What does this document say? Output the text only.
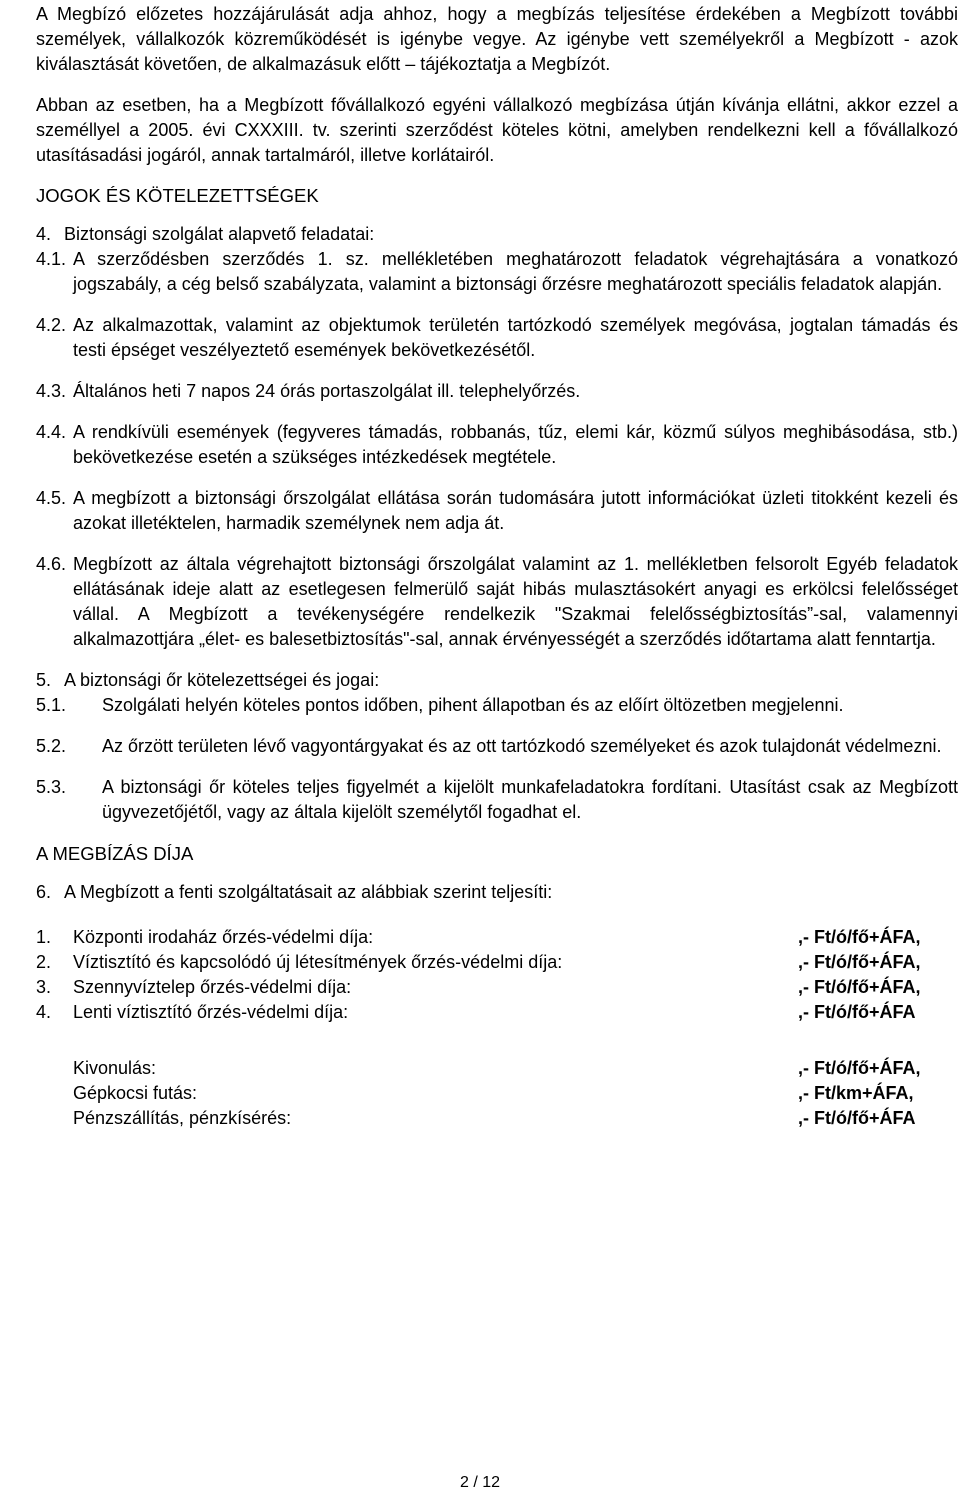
A Megbízó előzetes hozzájárulását adja ahhoz, hogy a megbízás teljesítése érdekében a Megbízott további személyek, vállalkozók közreműködését is igénybe vegye. Az igénybe vett személyekről a Megbízott - azok kiválasztását követően, de alkalmazásuk előtt – tájékoztatja a Megbízót.

Abban az esetben, ha a Megbízott fővállalkozó egyéni vállalkozó megbízása útján kívánja ellátni, akkor ezzel a személlyel a 2005. évi CXXXIII. tv. szerinti szerződést köteles kötni, amelyben rendelkezni kell a fővállalkozó utasításadási jogáról, annak tartalmáról, illetve korlátairól.

JOGOK ÉS KÖTELEZETTSÉGEK
4. Biztonsági szolgálat alapvető feladatai:
4.1. A szerződésben szerződés 1. sz. mellékletében meghatározott feladatok végrehajtására a vonatkozó jogszabály, a cég belső szabályzata, valamint a biztonsági őrzésre meghatározott speciális feladatok alapján.
4.2. Az alkalmazottak, valamint az objektumok területén tartózkodó személyek megóvása, jogtalan támadás és testi épséget veszélyeztető események bekövetkezésétől.
4.3. Általános heti 7 napos 24 órás portaszolgálat ill. telephelyőrzés.
4.4. A rendkívüli események (fegyveres támadás, robbanás, tűz, elemi kár, közmű súlyos meghibásodása, stb.) bekövetkezése esetén a szükséges intézkedések megtétele.
4.5. A megbízott a biztonsági őrszolgálat ellátása során tudomására jutott információkat üzleti titokként kezeli és azokat illetéktelen, harmadik személynek nem adja át.
4.6. Megbízott az általa végrehajtott biztonsági őrszolgálat valamint az 1. mellékletben felsorolt Egyéb feladatok ellátásának ideje alatt az esetlegesen felmerülő saját hibás mulasztásokért anyagi es erkölcsi felelősséget vállal. A Megbízott a tevékenységére rendelkezik "Szakmai felelősségbiztosítás”-sal, valamennyi alkalmazottjára „élet- es balesetbiztosítás"-sal, annak érvényességét a szerződés időtartama alatt fenntartja.
5. A biztonsági őr kötelezettségei és jogai:
5.1.	Szolgálati helyén köteles pontos időben, pihent állapotban és az előírt öltözetben megjelenni.
5.2.	Az őrzött területen lévő vagyontárgyakat és az ott tartózkodó személyeket és azok tulajdonát védelmezni.
5.3.	A biztonsági őr köteles teljes figyelmét a kijelölt munkafeladatokra fordítani. Utasítást csak az Megbízott ügyvezetőjétől, vagy az általa kijelölt személytől fogadhat el.
A MEGBÍZÁS DÍJA
6. A Megbízott a fenti szolgáltatásait az alábbiak szerint teljesíti:
1.	Központi irodaház őrzés-védelmi díja:	,- Ft/ó/fő+ÁFA,
2.	Víztisztító és kapcsolódó új létesítmények őrzés-védelmi díja:	,- Ft/ó/fő+ÁFA,
3.	Szennyvíztelep őrzés-védelmi díja:	,- Ft/ó/fő+ÁFA,
4.	Lenti víztisztító őrzés-védelmi díja:	,- Ft/ó/fő+ÁFA
Kivonulás:	,- Ft/ó/fő+ÁFA,
Gépkocsi futás:	,- Ft/km+ÁFA,
Pénzszállítás, pénzkísérés:	,- Ft/ó/fő+ÁFA
2 / 12
